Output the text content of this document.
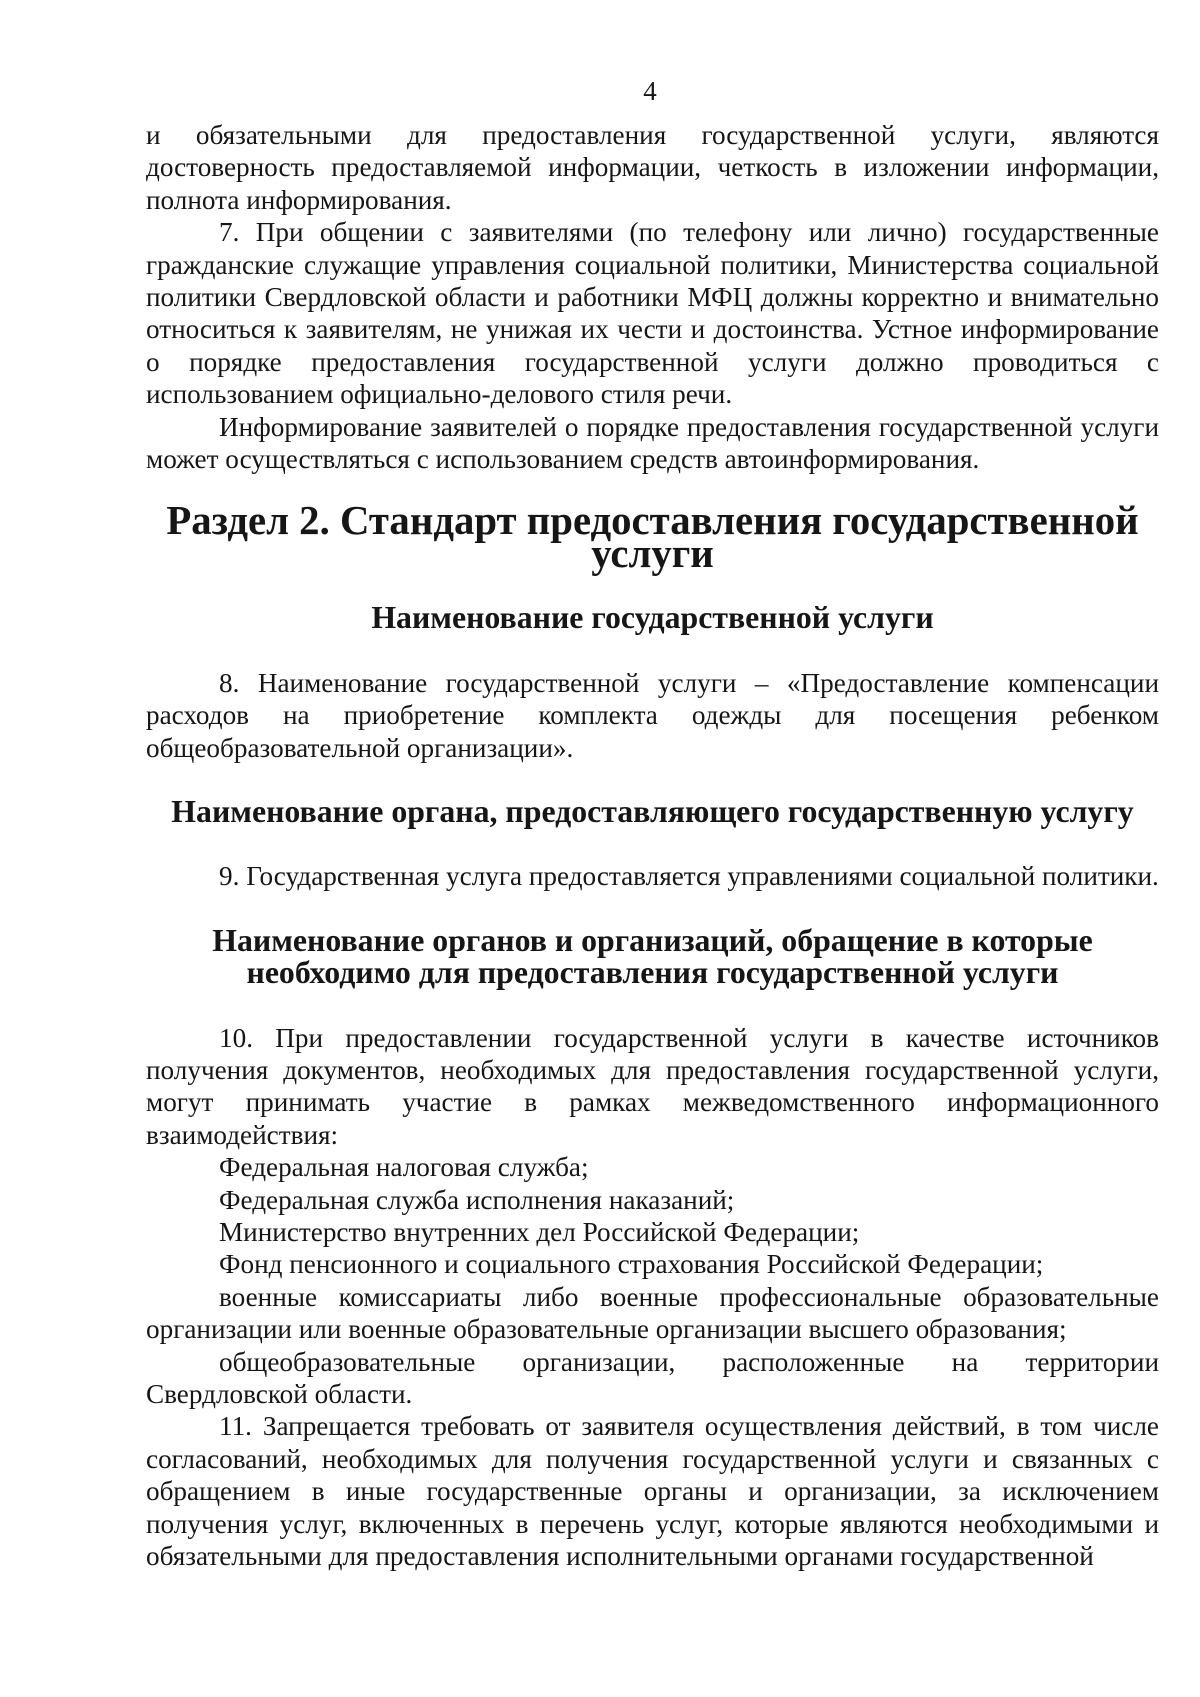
4

и обязательными для предоставления государственной услуги, являются достоверность предоставляемой информации, четкость в изложении информации, полнота информирования.

7. При общении с заявителями (по телефону или лично) государственные гражданские служащие управления социальной политики, Министерства социальной политики Свердловской области и работники МФЦ должны корректно и внимательно относиться к заявителям, не унижая их чести и достоинства. Устное информирование о порядке предоставления государственной услуги должно проводиться с использованием официально-делового стиля речи.

Информирование заявителей о порядке предоставления государственной услуги может осуществляться с использованием средств автоинформирования.

Раздел 2. Стандарт предоставления государственной услуги
Наименование государственной услуги

8. Наименование государственной услуги – «Предоставление компенсации расходов на приобретение комплекта одежды для посещения ребенком общеобразовательной организации».

Наименование органа, предоставляющего государственную услугу

9. Государственная услуга предоставляется управлениями социальной политики.

Наименование органов и организаций, обращение в которые необходимо для предоставления государственной услуги

10. При предоставлении государственной услуги в качестве источников получения документов, необходимых для предоставления государственной услуги, могут принимать участие в рамках межведомственного информационного взаимодействия:

Федеральная налоговая служба;

Федеральная служба исполнения наказаний;

Министерство внутренних дел Российской Федерации;

Фонд пенсионного и социального страхования Российской Федерации;

военные комиссариаты либо военные профессиональные образовательные организации или военные образовательные организации высшего образования;

общеобразовательные организации, расположенные на территории Свердловской области.

11. Запрещается требовать от заявителя осуществления действий, в том числе согласований, необходимых для получения государственной услуги и связанных с обращением в иные государственные органы и организации, за исключением получения услуг, включенных в перечень услуг, которые являются необходимыми и обязательными для предоставления исполнительными органами государственной
